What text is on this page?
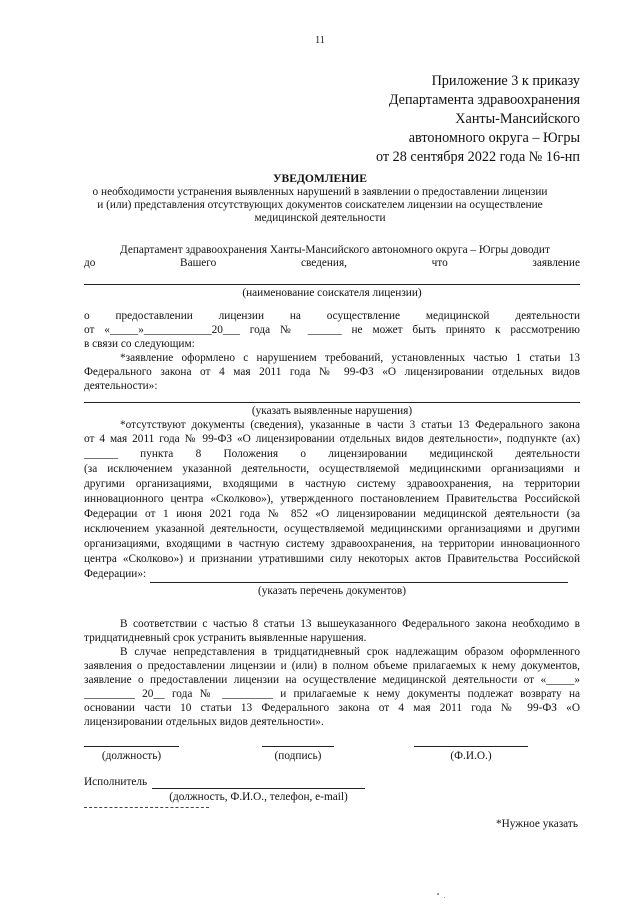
11
Приложение 3 к приказу
Департамента здравоохранения
Ханты-Мансийского
автономного округа – Югры
от 28 сентября 2022 года № 16-нп
УВЕДОМЛЕНИЕ
о необходимости устранения выявленных нарушений в заявлении о предоставлении лицензии
и (или) представления отсутствующих документов соискателем лицензии на осуществление
медицинской деятельности
Департамент здравоохранения Ханты-Мансийского автономного округа – Югры доводит
до Вашего сведения, что заявление
(наименование соискателя лицензии)
о предоставлении лицензии на осуществление медицинской деятельности
от «_____»____________20___ года № ______ не может быть принято к рассмотрению
в связи со следующим:
*заявление оформлено с нарушением требований, установленных частью 1 статьи 13
Федерального закона от 4 мая 2011 года № 99-ФЗ «О лицензировании отдельных видов
деятельности»:
(указать выявленные нарушения)
*отсутствуют документы (сведения), указанные в части 3 статьи 13 Федерального закона
от 4 мая 2011 года № 99-ФЗ «О лицензировании отдельных видов деятельности», подпункте (ах)
______ пункта 8 Положения о лицензировании медицинской деятельности
(за исключением указанной деятельности, осуществляемой медицинскими организациями и
другими организациями, входящими в частную систему здравоохранения, на территории
инновационного центра «Сколково»), утвержденного постановлением Правительства Российской
Федерации от 1 июня 2021 года № 852 «О лицензировании медицинской деятельности (за
исключением указанной деятельности, осуществляемой медицинскими организациями и другими
организациями, входящими в частную систему здравоохранения, на территории инновационного
центра «Сколково») и признании утратившими силу некоторых актов Правительства Российской
Федерации»:
(указать перечень документов)
В соответствии с частью 8 статьи 13 вышеуказанного Федерального закона необходимо в
тридцатидневный срок устранить выявленные нарушения.
В случае непредставления в тридцатидневный срок надлежащим образом оформленного
заявления о предоставлении лицензии и (или) в полном объеме прилагаемых к нему документов,
заявление о предоставлении лицензии на осуществление медицинской деятельности от «_____»
_________ 20__ года № _________ и прилагаемые к нему документы подлежат возврату на
основании части 10 статьи 13 Федерального закона от 4 мая 2011 года № 99-ФЗ «О
лицензировании отдельных видов деятельности».
(должность)	(подпись)	(Ф.И.О.)
Исполнитель
(должность, Ф.И.О., телефон, e-mail)
*Нужное указать
